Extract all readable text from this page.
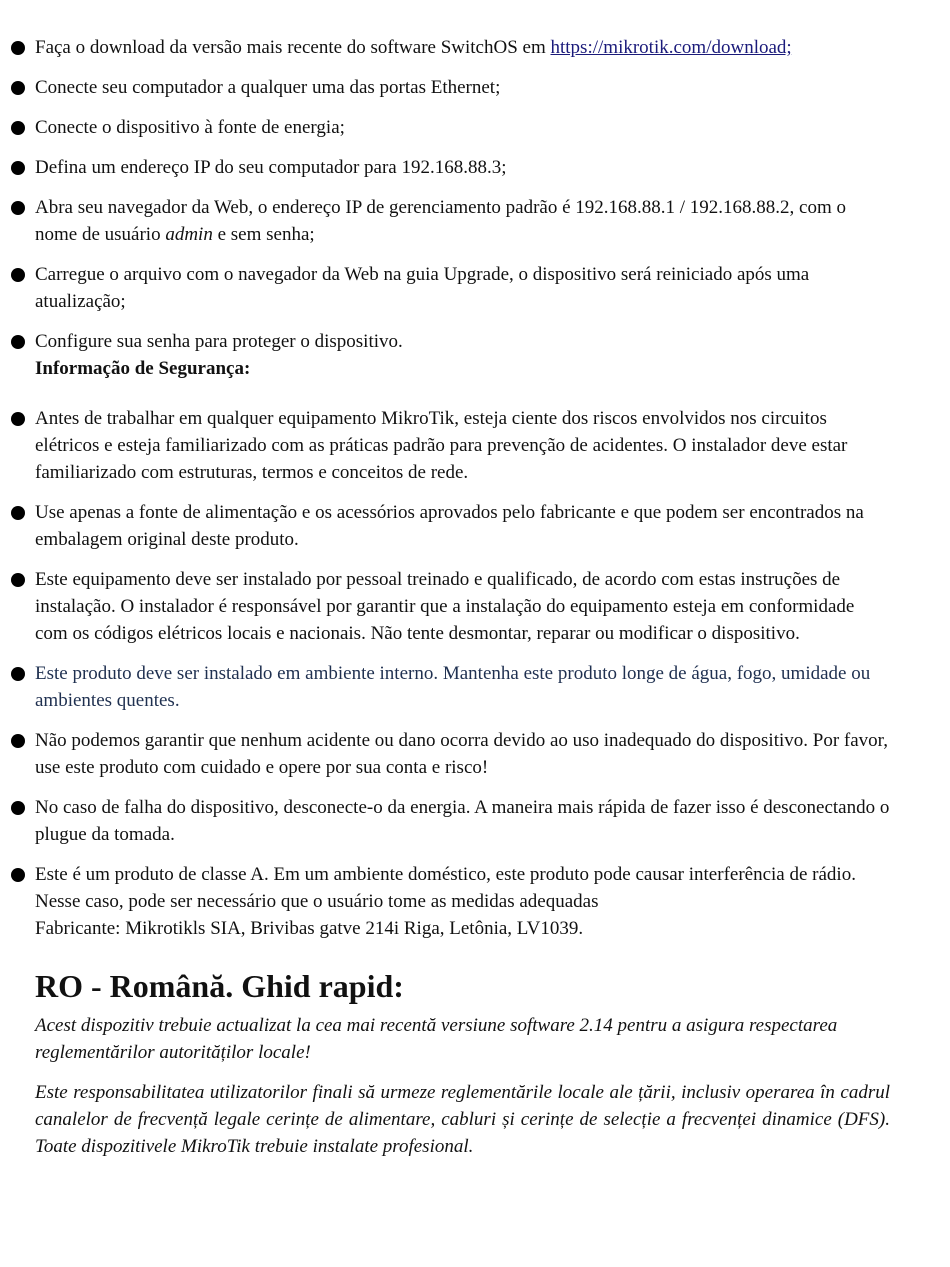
Faça o download da versão mais recente do software SwitchOS em https://mikrotik.com/download;
Conecte seu computador a qualquer uma das portas Ethernet;
Conecte o dispositivo à fonte de energia;
Defina um endereço IP do seu computador para 192.168.88.3;
Abra seu navegador da Web, o endereço IP de gerenciamento padrão é 192.168.88.1 / 192.168.88.2, com o nome de usuário admin e sem senha;
Carregue o arquivo com o navegador da Web na guia Upgrade, o dispositivo será reiniciado após uma atualização;
Configure sua senha para proteger o dispositivo.
Informação de Segurança:
Antes de trabalhar em qualquer equipamento MikroTik, esteja ciente dos riscos envolvidos nos circuitos elétricos e esteja familiarizado com as práticas padrão para prevenção de acidentes. O instalador deve estar familiarizado com estruturas, termos e conceitos de rede.
Use apenas a fonte de alimentação e os acessórios aprovados pelo fabricante e que podem ser encontrados na embalagem original deste produto.
Este equipamento deve ser instalado por pessoal treinado e qualificado, de acordo com estas instruções de instalação. O instalador é responsável por garantir que a instalação do equipamento esteja em conformidade com os códigos elétricos locais e nacionais. Não tente desmontar, reparar ou modificar o dispositivo.
Este produto deve ser instalado em ambiente interno. Mantenha este produto longe de água, fogo, umidade ou ambientes quentes.
Não podemos garantir que nenhum acidente ou dano ocorra devido ao uso inadequado do dispositivo. Por favor, use este produto com cuidado e opere por sua conta e risco!
No caso de falha do dispositivo, desconecte-o da energia. A maneira mais rápida de fazer isso é desconectando o plugue da tomada.
Este é um produto de classe A. Em um ambiente doméstico, este produto pode causar interferência de rádio. Nesse caso, pode ser necessário que o usuário tome as medidas adequadas
Fabricante: Mikrotikls SIA, Brivibas gatve 214i Riga, Letônia, LV1039.
RO - Română. Ghid rapid:

Acest dispozitiv trebuie actualizat la cea mai recentă versiune software 2.14 pentru a asigura respectarea reglementărilor autorităților locale!

Este responsabilitatea utilizatorilor finali să urmeze reglementările locale ale țării, inclusiv operarea în cadrul canalelor de frecvență legale cerințe de alimentare, cabluri și cerințe de selecție a frecvenței dinamice (DFS). Toate dispozitivele MikroTik trebuie instalate profesional.
